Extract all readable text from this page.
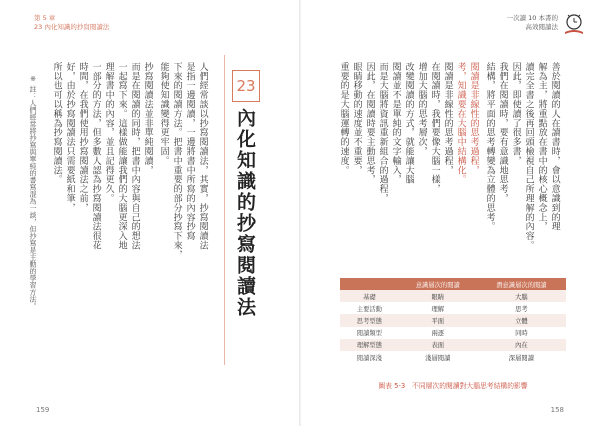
第 5 章
23 內化知識的抄寫閱讀法
23
內化知識的抄寫閱讀法
人們經常談以抄寫閱讀法，其實，抄寫閱讀法
是指一邊閱讀，一邊將書中所寫的內容抄寫
下來的閱讀方法。把書中重要的部分抄寫下來，
能夠使知識變得更牢固。
抄寫閱讀法並非單純閱讀，
而是在閱讀的同時，把書中內容與自己的想法
一起寫下來。這樣做能讓我們的大腦更深入地
理解書中的內容，並且記得更久。
一部分的方法，但多數人認為抄寫閱讀法很花
時間，在我們使用抄寫閱讀法之前，
好，由於抄寫閱讀法只需要紙和筆，
所以也可以稱為抄寫閱讀法。
※ 註：人們經常將抄寫與單純的書寫混為一談，但抄寫是主動的學習方法。
159
一次讀 10 本書的
高效閱讀法
善於閱讀的人在讀書時，會以意識到的理
解為主，將重點放在書中的核心概念上，
讀完全書之後再回頭檢視自己所理解的內容。
因此，即使讀了很多書，
我們在閱讀時，要有意識地思考，
結構，將平面的思考轉變為立體的思考。
閱讀是非線性的思考過程，
考，知識要在大腦中結構化。
閱讀是非線性的思考過程，
在閱讀時，我們要像大腦一樣，
增加大腦的思考層次，
改變閱讀的方式，就能讓大腦
閱讀並不是單純的文字輸入，
而是大腦將資訊重新組合的過程，
因此，在閱讀時要主動思考，
眼睛移動的速度並不重要，
重要的是大腦運轉的速度。
	意識層次的閱讀	潛意識層次的閱讀
基礎	眼睛	大腦
主要活動	理解	思考
思考型態	平面	立體
閱讀類型	兩逐	同時
理解型態	表面	內在
閱讀深淺	淺層閱讀	深層閱讀
圖表 5-3　不同層次的閱讀對大腦思考結構的影響
158
